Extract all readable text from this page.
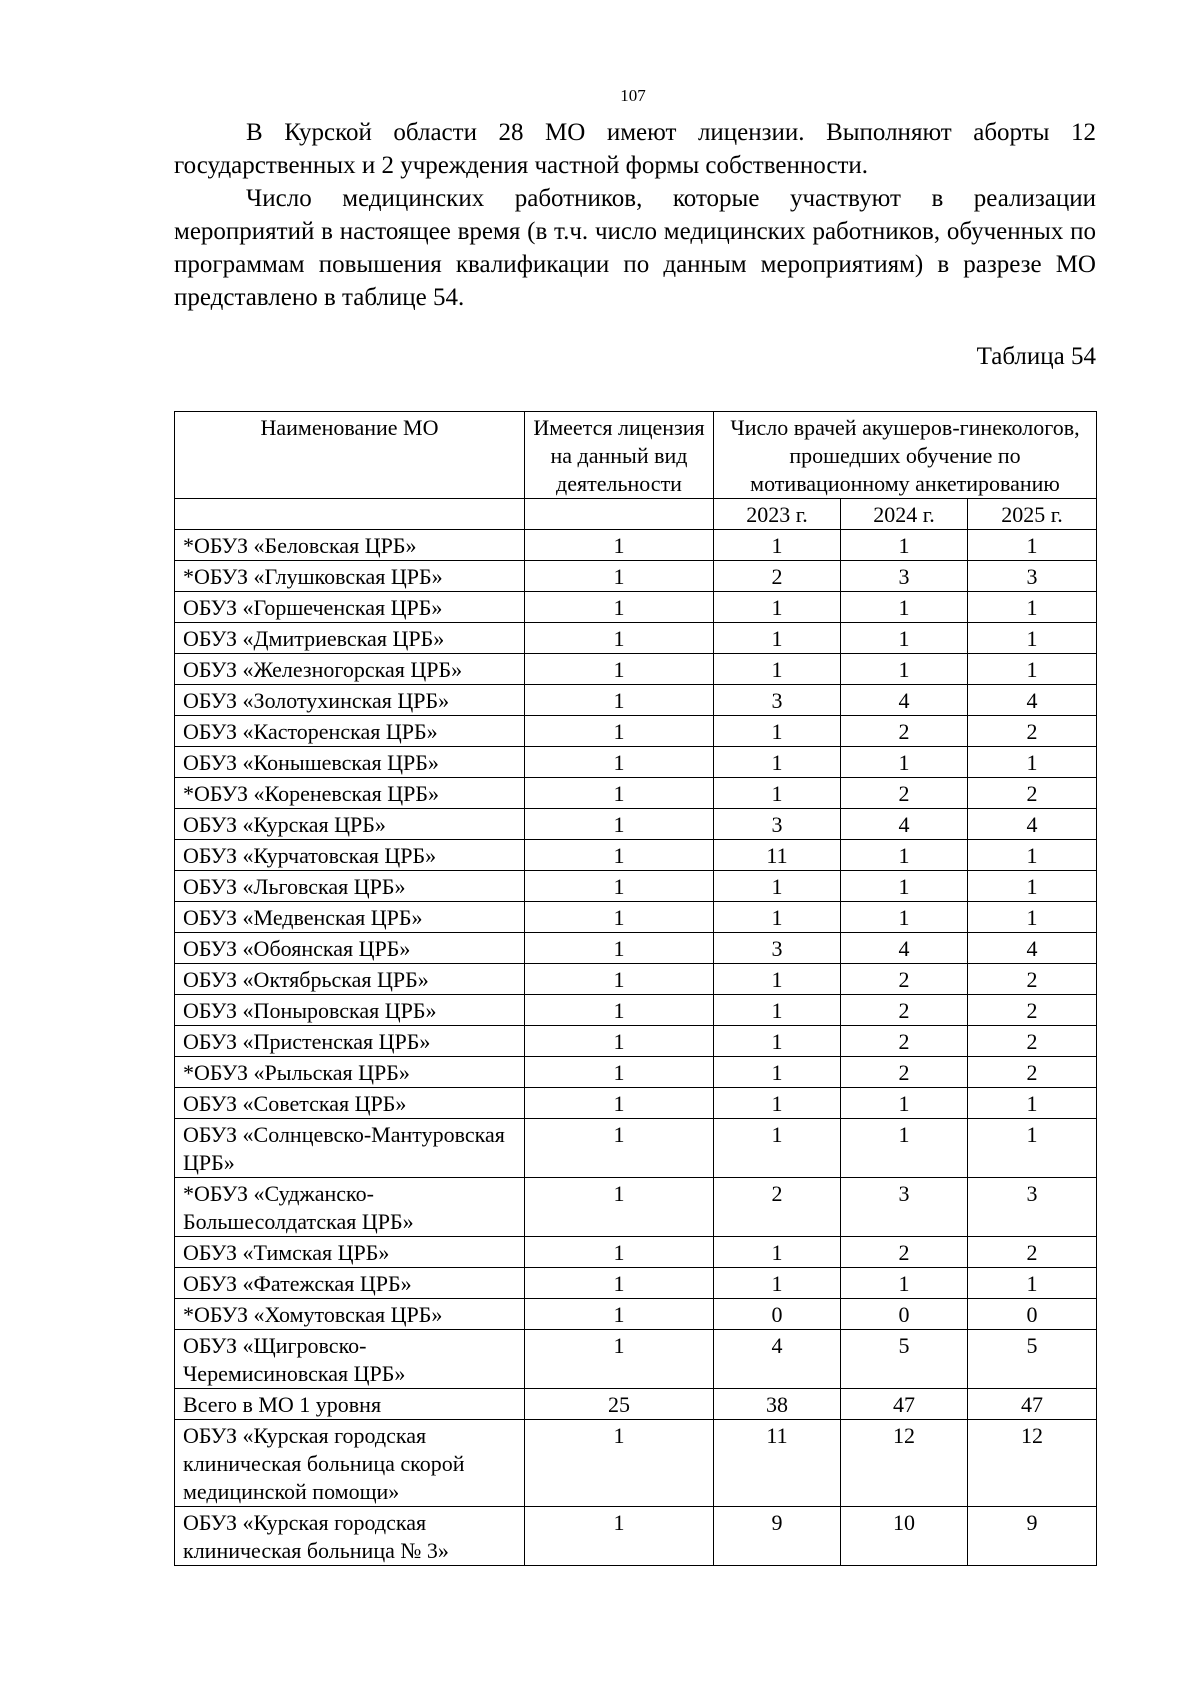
107

В Курской области 28 МО имеют лицензии. Выполняют аборты 12 государственных и 2 учреждения частной формы собственности.

Число медицинских работников, которые участвуют в реализации мероприятий в настоящее время (в т.ч. число медицинских работников, обученных по программам повышения квалификации по данным мероприятиям) в разрезе МО представлено в таблице 54.

Таблица 54
Наименование МО	Имеется лицензия на данный вид деятельности	Число врачей акушеров-гинекологов, прошедших обучение по мотивационному анкетированию		
		2023 г.	2024 г.	2025 г.
*ОБУЗ «Беловская ЦРБ»	1	1	1	1
*ОБУЗ «Глушковская ЦРБ»	1	2	3	3
ОБУЗ «Горшеченская ЦРБ»	1	1	1	1
ОБУЗ «Дмитриевская ЦРБ»	1	1	1	1
ОБУЗ «Железногорская ЦРБ»	1	1	1	1
ОБУЗ «Золотухинская ЦРБ»	1	3	4	4
ОБУЗ «Касторенская ЦРБ»	1	1	2	2
ОБУЗ «Конышевская ЦРБ»	1	1	1	1
*ОБУЗ «Кореневская ЦРБ»	1	1	2	2
ОБУЗ «Курская ЦРБ»	1	3	4	4
ОБУЗ «Курчатовская ЦРБ»	1	11	1	1
ОБУЗ «Льговская ЦРБ»	1	1	1	1
ОБУЗ «Медвенская ЦРБ»	1	1	1	1
ОБУЗ «Обоянская ЦРБ»	1	3	4	4
ОБУЗ «Октябрьская ЦРБ»	1	1	2	2
ОБУЗ «Поныровская ЦРБ»	1	1	2	2
ОБУЗ «Пристенская ЦРБ»	1	1	2	2
*ОБУЗ «Рыльская ЦРБ»	1	1	2	2
ОБУЗ «Советская ЦРБ»	1	1	1	1
ОБУЗ «Солнцевско-Мантуровская ЦРБ»	1	1	1	1
*ОБУЗ «Суджанско-Большесолдатская ЦРБ»	1	2	3	3
ОБУЗ «Тимская ЦРБ»	1	1	2	2
ОБУЗ «Фатежская ЦРБ»	1	1	1	1
*ОБУЗ «Хомутовская ЦРБ»	1	0	0	0
ОБУЗ «Щигровско-Черемисиновская ЦРБ»	1	4	5	5
Всего в МО 1 уровня	25	38	47	47
ОБУЗ «Курская городская клиническая больница скорой медицинской помощи»	1	11	12	12
ОБУЗ «Курская городская клиническая больница № 3»	1	9	10	9
